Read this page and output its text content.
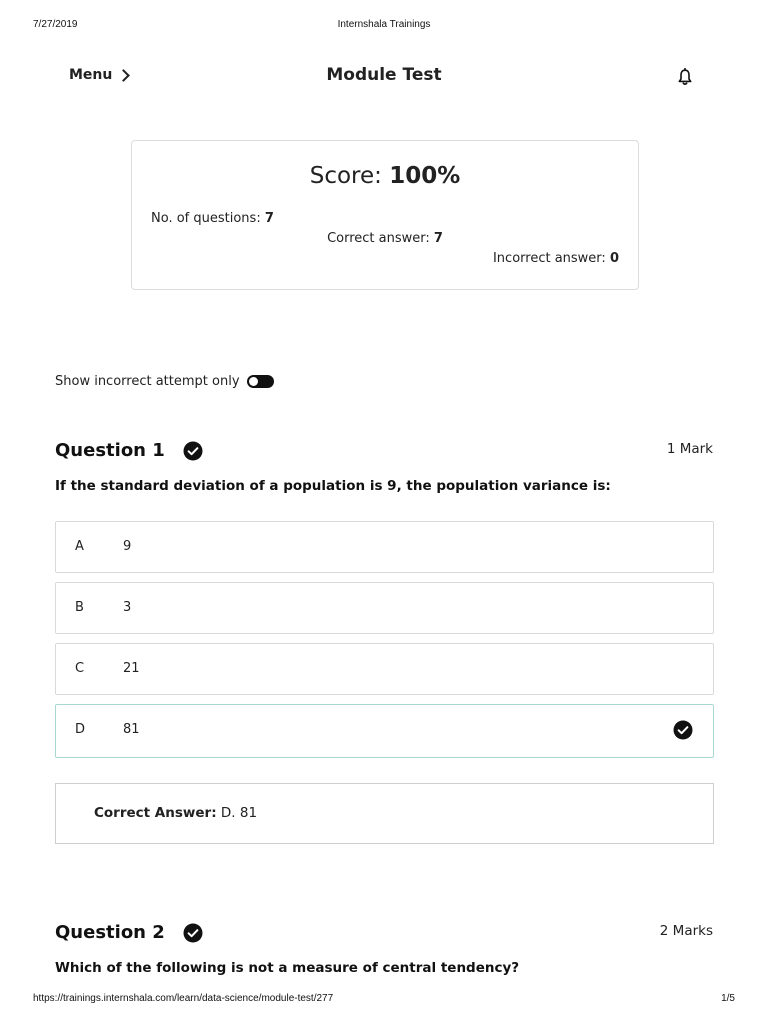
7/27/2019	Internshala Trainings
Menu	Module Test
Score: 100%
No. of questions: 7
Correct answer: 7
Incorrect answer: 0
Show incorrect attempt only
Question 1	1 Mark
If the standard deviation of a population is 9, the population variance is:
A	9
B	3
C	21
D	81
Correct Answer: D. 81
Question 2	2 Marks
Which of the following is not a measure of central tendency?
https://trainings.internshala.com/learn/data-science/module-test/277	1/5
